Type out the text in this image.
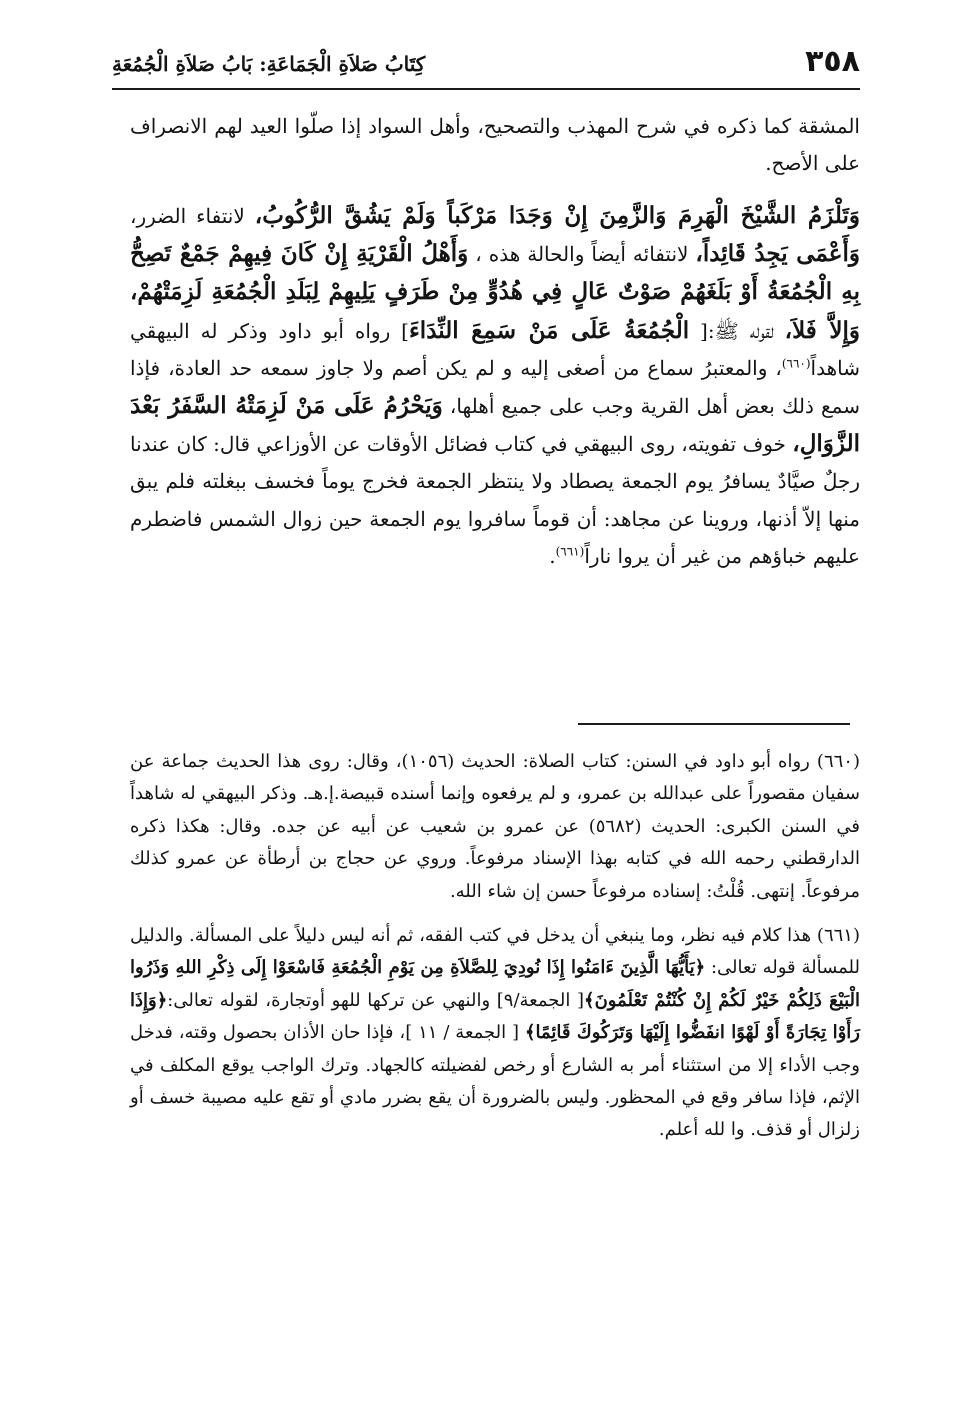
٣٥٨
كِتَابُ صَلاَةِ الْجَمَاعَةِ: بَابُ صَلاَةِ الْجُمُعَةِ

المشقة كما ذكره في شرح المهذب والتصحيح، وأهل السواد إذا صلّوا العيد لهم الانصراف على الأصح.

وَتَلْزَمُ الشَّيْخَ الْهَرِمَ وَالزَّمِنَ إِنْ وَجَدَا مَرْكَباً وَلَمْ يَشُقَّ الرُّكُوبُ، لانتفاء الضرر، وَأَعْمَى يَجِدُ قَائِداً، لانتفائه أيضاً والحالة هذه ، وَأَهْلُ الْقَرْيَةِ إِنْ كَانَ فِيهِمْ جَمْعٌ تَصِحُّ بِهِ الْجُمُعَةُ أَوْ بَلَغَهُمْ صَوْتٌ عَالٍ فِي هُدُوٍّ مِنْ طَرَفٍ يَلِيهِمْ لِبَلَدِ الْجُمُعَةِ لَزِمَتْهُمْ، وَإِلاَّ فَلاَ، لقوله ﷺ:[ الْجُمُعَةُ عَلَى مَنْ سَمِعَ النِّدَاءَ] رواه أبو داود وذكر له البيهقي شاهداً$^{(٦٦٠)}$، والمعتبرُ سماع من أصغى إليه و لم يكن أصم ولا جاوز سمعه حد العادة، فإذا سمع ذلك بعض أهل القرية وجب على جميع أهلها، وَيَحْرُمُ عَلَى مَنْ لَزِمَتْهُ السَّفَرُ بَعْدَ الزَّوَالِ، خوف تفويته، روى البيهقي في كتاب فضائل الأوقات عن الأوزاعي قال: كان عندنا رجلٌ صيَّادٌ يسافرُ يوم الجمعة يصطاد ولا ينتظر الجمعة فخرج يوماً فخسف ببغلته فلم يبق منها إلاّ أذنها، وروينا عن مجاهد: أن قوماً سافروا يوم الجمعة حين زوال الشمس فاضطرم عليهم خباؤهم من غير أن يروا ناراً$^{(٦٦١)}$.

(٦٦٠) رواه أبو داود في السنن: كتاب الصلاة: الحديث (١٠٥٦)، وقال: روى هذا الحديث جماعة عن سفيان مقصوراً على عبدالله بن عمرو، و لم يرفعوه وإنما أسنده قبيصة.إ.هـ. وذكر البيهقي له شاهداً في السنن الكبرى: الحديث (٥٦٨٢) عن عمرو بن شعيب عن أبيه عن جده. وقال: هكذا ذكره الدارقطني رحمه الله في كتابه بهذا الإسناد مرفوعاً. وروي عن حجاج بن أرطأة عن عمرو كذلك مرفوعاً. إنتهى. قُلْتُ: إسناده مرفوعاً حسن إن شاء الله.

(٦٦١) هذا كلام فيه نظر، وما ينبغي أن يدخل في كتب الفقه، ثم أنه ليس دليلاً على المسألة. والدليل للمسألة قوله تعالى: ﴿يَأَيُّهَا الَّذِينَ ءَامَنُوا إِذَا نُودِيَ لِلصَّلاَةِ مِن يَوْمِ الْجُمُعَةِ فَاسْعَوْا إِلَى ذِكْرِ اللهِ وَذَرُوا الْبَيْعَ ذَلِكُمْ خَيْرٌ لَكُمْ إِنْ كُنْتُمْ تَعْلَمُونَ﴾[ الجمعة/٩] والنهي عن تركها للهو أوتجارة، لقوله تعالى:﴿وَإِذَا رَأَوْا تِجَارَةً أَوْ لَهْوًا انفَضُّوا إِلَيْهَا وَتَرَكُوكَ قَائِمًا﴾ [ الجمعة / ١١ ]، فإذا حان الأذان بحصول وقته، فدخل وجب الأداء إلا من استثناء أمر به الشارع أو رخص لفضيلته كالجهاد. وترك الواجب يوقع المكلف في الإثم، فإذا سافر وقع في المحظور. وليس بالضرورة أن يقع بضرر مادي أو تقع عليه مصيبة خسف أو زلزال أو قذف. وا لله أعلم.
